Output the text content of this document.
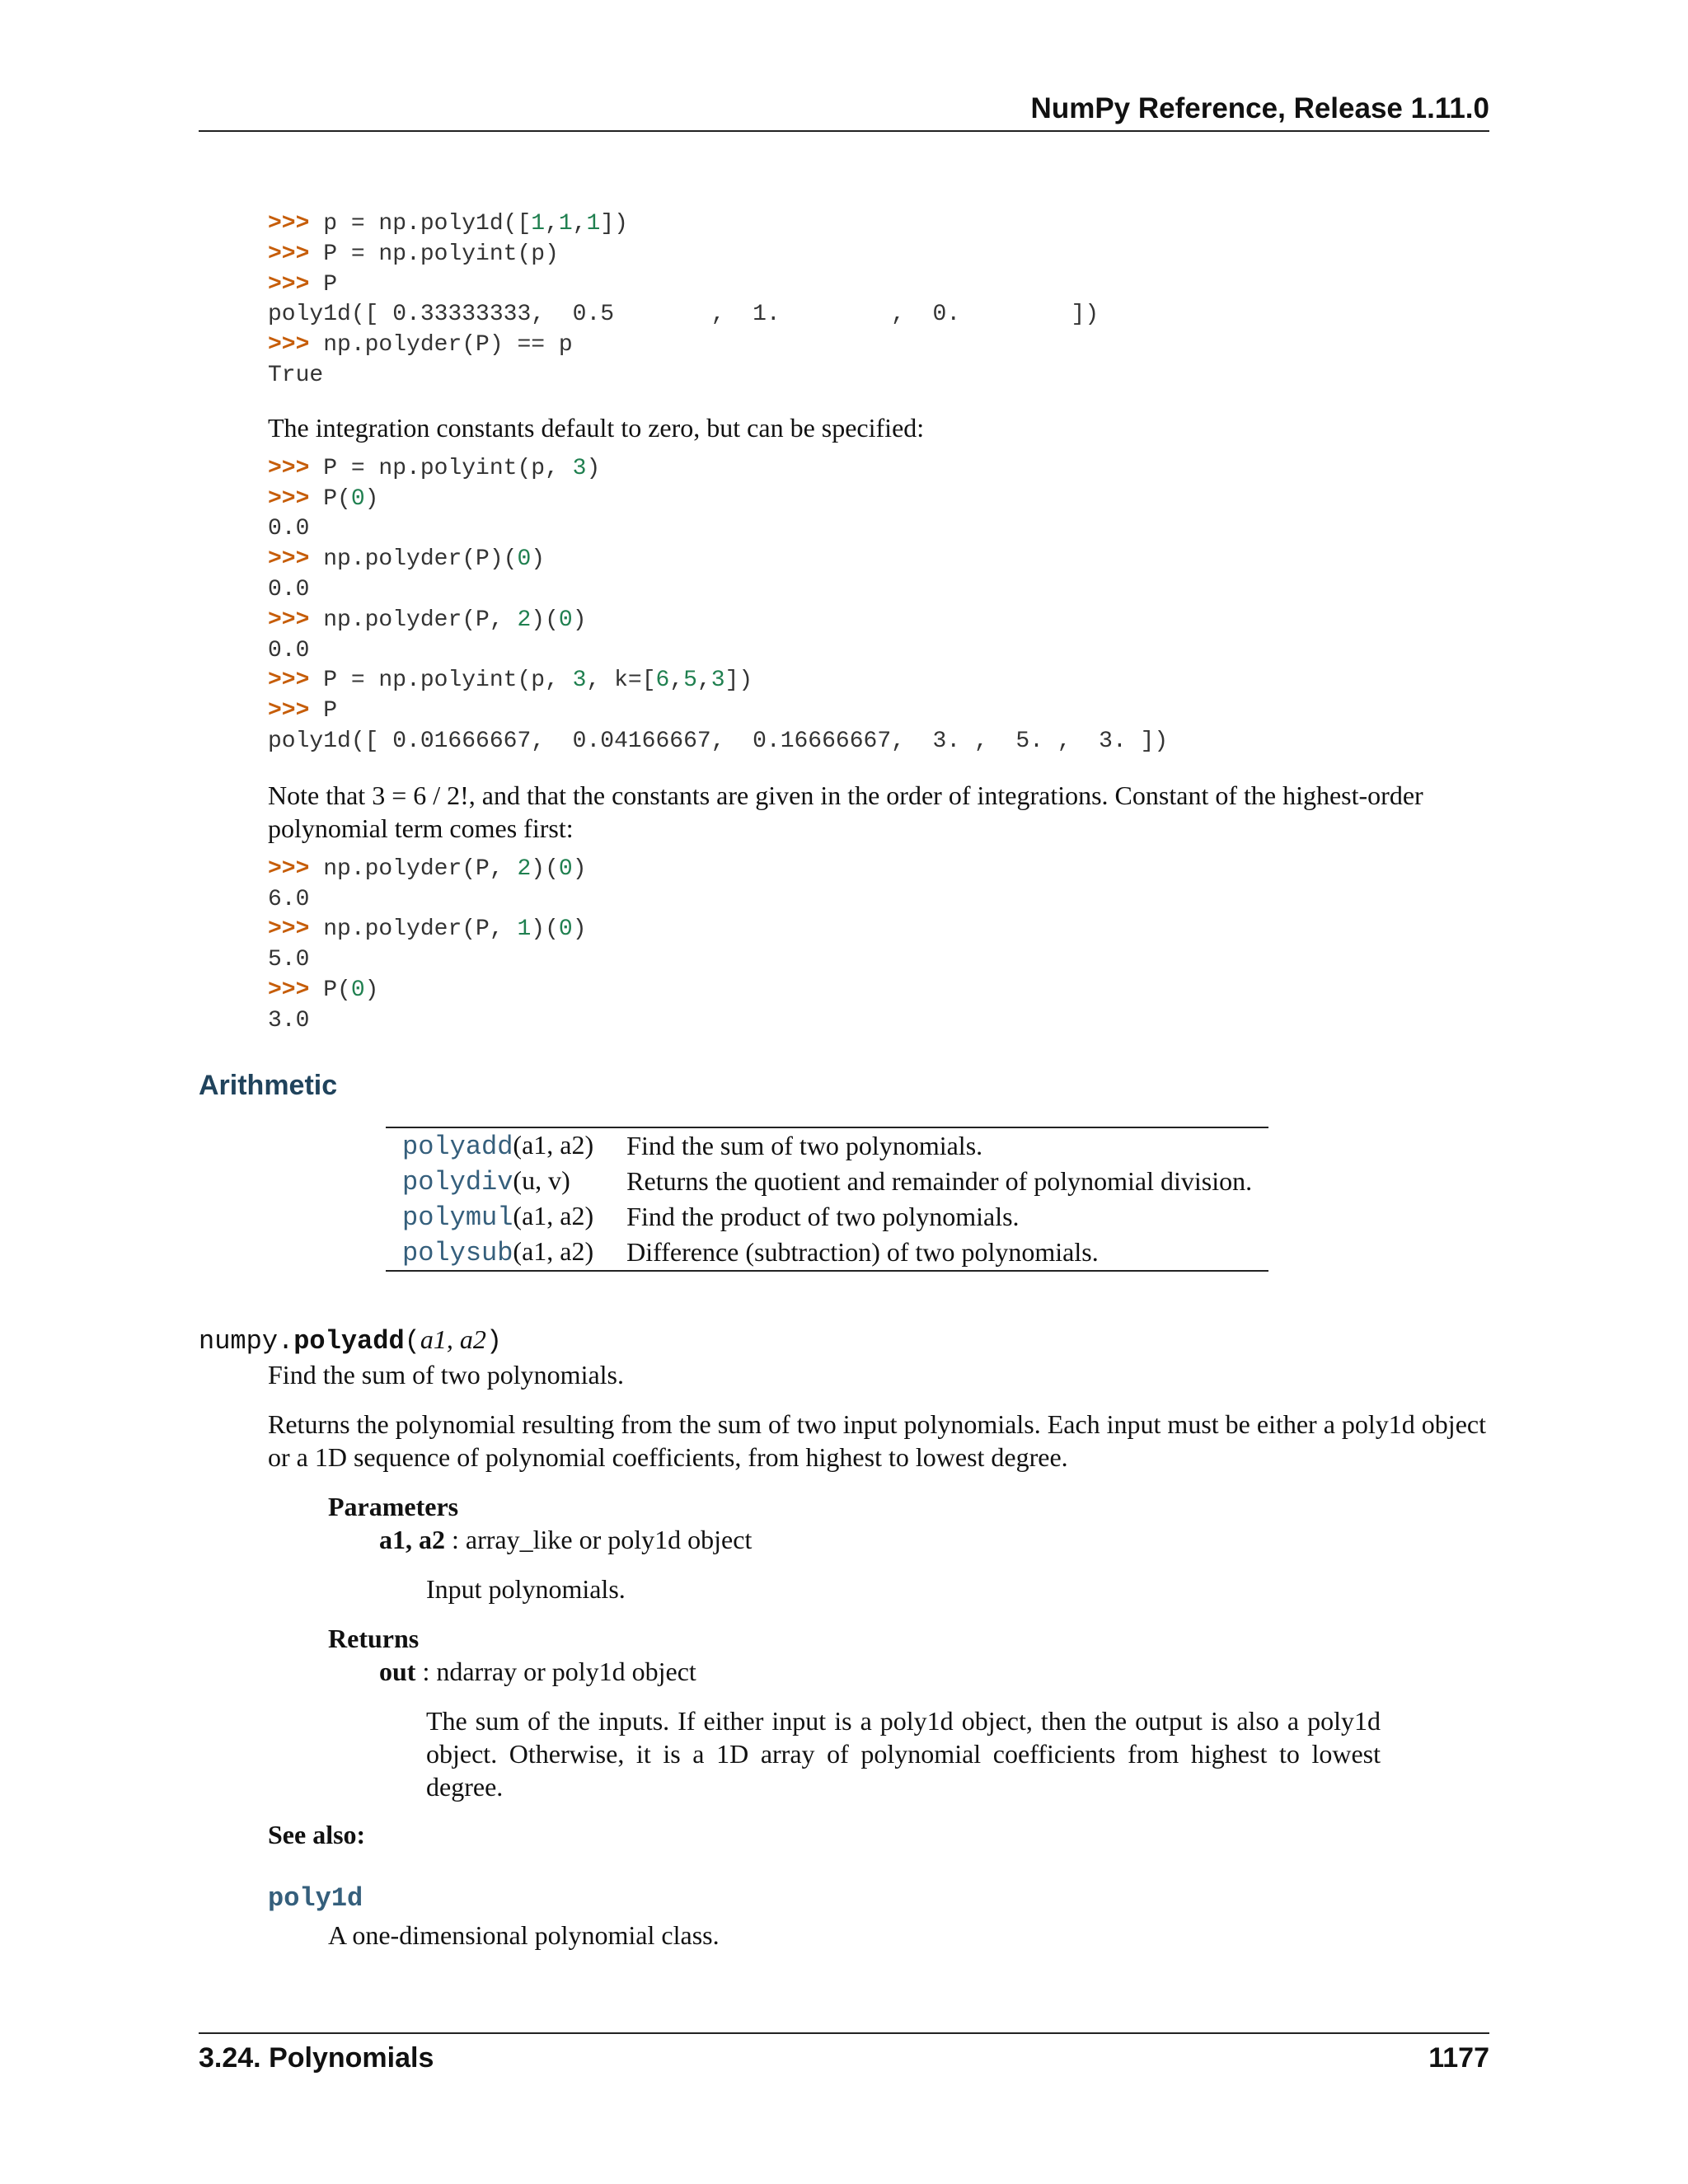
NumPy Reference, Release 1.11.0
>>> p = np.poly1d([1,1,1])
>>> P = np.polyint(p)
>>> P
poly1d([ 0.33333333,  0.5       ,  1.        ,  0.        ])
>>> np.polyder(P) == p
True

The integration constants default to zero, but can be specified:

>>> P = np.polyint(p, 3)
>>> P(0)
0.0
>>> np.polyder(P)(0)
0.0
>>> np.polyder(P, 2)(0)
0.0
>>> P = np.polyint(p, 3, k=[6,5,3])
>>> P
poly1d([ 0.01666667,  0.04166667,  0.16666667,  3. ,  5. ,  3. ])

Note that 3 = 6 / 2!, and that the constants are given in the order of integrations. Constant of the highest-order polynomial term comes first:

>>> np.polyder(P, 2)(0)
6.0
>>> np.polyder(P, 1)(0)
5.0
>>> P(0)
3.0
Arithmetic
polyadd(a1, a2)	Find the sum of two polynomials.
polydiv(u, v)	Returns the quotient and remainder of polynomial division.
polymul(a1, a2)	Find the product of two polynomials.
polysub(a1, a2)	Difference (subtraction) of two polynomials.
numpy.polyadd(a1, a2)

Find the sum of two polynomials.

Returns the polynomial resulting from the sum of two input polynomials. Each input must be either a poly1d object or a 1D sequence of polynomial coefficients, from highest to lowest degree.

Parameters
a1, a2 : array_like or poly1d object

Input polynomials.

Returns
out : ndarray or poly1d object

The sum of the inputs. If either input is a poly1d object, then the output is also a poly1d object. Otherwise, it is a 1D array of polynomial coefficients from highest to lowest degree.

See also:
poly1d
A one-dimensional polynomial class.
3.24. Polynomials	1177
